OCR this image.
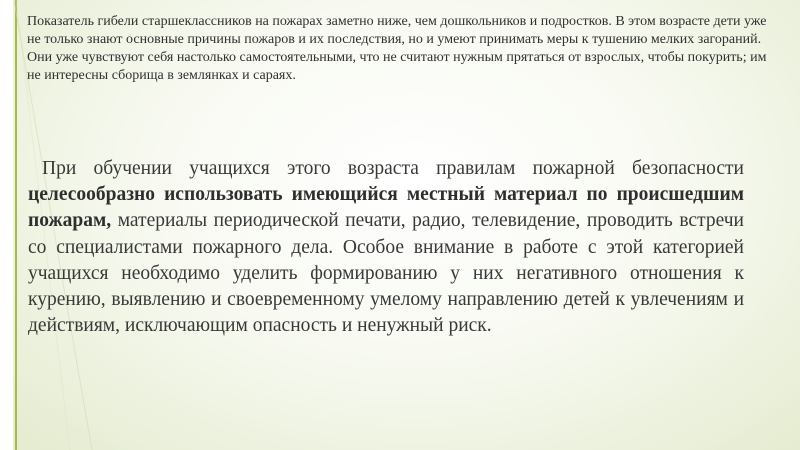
Показатель гибели старшеклассников на пожарах заметно ниже, чем дошкольников и подростков. В этом возрасте дети уже не только знают основные причины пожаров и их последствия, но и умеют принимать меры к тушению мелких загораний. Они уже чувствуют себя настолько самостоятельными, что не считают нужным прятаться от взрослых, чтобы покурить; им не интересны сборища в землянках и сараях.

При обучении учащихся этого возраста правилам пожарной безопасности целесообразно использовать имеющийся местный материал по происшедшим пожарам, материалы периодической печати, радио, телевидение, проводить встречи со специалистами пожарного дела. Особое внимание в работе с этой категорией учащихся необходимо уделить формированию у них негативного отношения к курению, выявлению и своевременному умелому направлению детей к увлечениям и действиям, исключающим опасность и ненужный риск.
